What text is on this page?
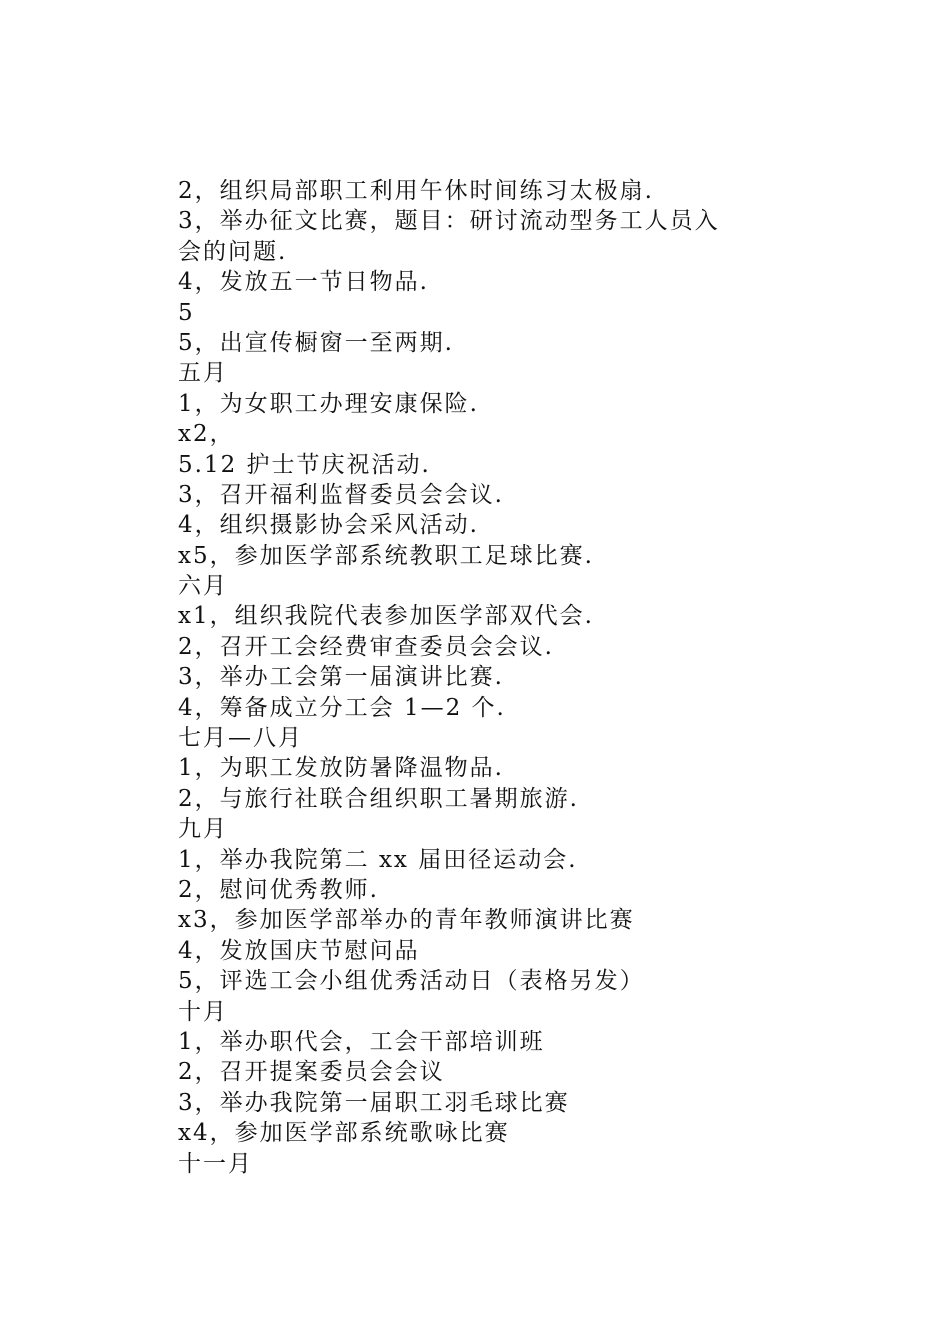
2，组织局部职工利用午休时间练习太极扇.
3，举办征文比赛，题目：研讨流动型务工人员入
会的问题.
4，发放五一节日物品.
5
5，出宣传橱窗一至两期.
五月
1，为女职工办理安康保险.
x2，
5.12 护士节庆祝活动.
3，召开福利监督委员会会议.
4，组织摄影协会采风活动.
x5，参加医学部系统教职工足球比赛.
六月
x1，组织我院代表参加医学部双代会.
2，召开工会经费审查委员会会议.
3，举办工会第一届演讲比赛.
4，筹备成立分工会 1—2 个.
七月—八月
1，为职工发放防暑降温物品.
2，与旅行社联合组织职工暑期旅游.
九月
1，举办我院第二 xx 届田径运动会.
2，慰问优秀教师.
x3，参加医学部举办的青年教师演讲比赛
4，发放国庆节慰问品
5，评选工会小组优秀活动日（表格另发）
十月
1，举办职代会，工会干部培训班
2，召开提案委员会会议
3，举办我院第一届职工羽毛球比赛
x4，参加医学部系统歌咏比赛
十一月
